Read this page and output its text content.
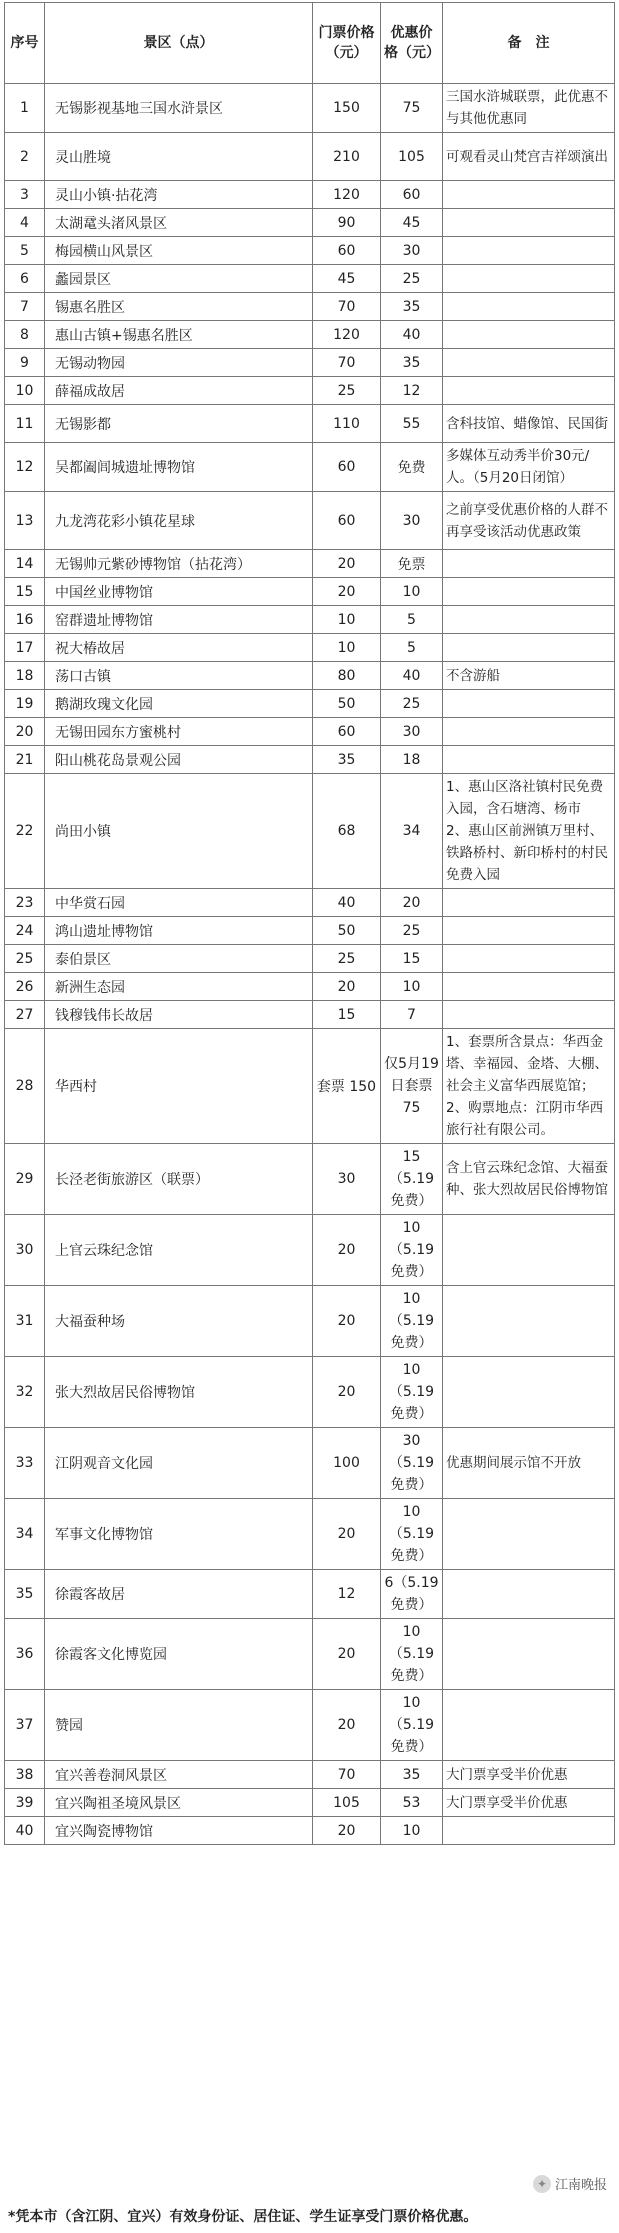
序号	景区（点）	门票价格（元）	优惠价格（元）	备　注
1	无锡影视基地三国水浒景区	150	75	三国水浒城联票，此优惠不与其他优惠同
2	灵山胜境	210	105	可观看灵山梵宫吉祥颂演出
3	灵山小镇·拈花湾	120	60	
4	太湖鼋头渚风景区	90	45	
5	梅园横山风景区	60	30	
6	蠡园景区	45	25	
7	锡惠名胜区	70	35	
8	惠山古镇+锡惠名胜区	120	40	
9	无锡动物园	70	35	
10	薛福成故居	25	12	
11	无锡影都	110	55	含科技馆、蜡像馆、民国街
12	吴都阖闾城遗址博物馆	60	免费	多媒体互动秀半价30元/人。（5月20日闭馆）
13	九龙湾花彩小镇花星球	60	30	之前享受优惠价格的人群不再享受该活动优惠政策
14	无锡帅元紫砂博物馆（拈花湾）	20	免票	
15	中国丝业博物馆	20	10	
16	窑群遗址博物馆	10	5	
17	祝大椿故居	10	5	
18	荡口古镇	80	40	不含游船
19	鹅湖玫瑰文化园	50	25	
20	无锡田园东方蜜桃村	60	30	
21	阳山桃花岛景观公园	35	18	
22	尚田小镇	68	34	1、惠山区洛社镇村民免费入园，含石塘湾、杨市
2、惠山区前洲镇万里村、铁路桥村、新印桥村的村民免费入园
23	中华赏石园	40	20	
24	鸿山遗址博物馆	50	25	
25	泰伯景区	25	15	
26	新洲生态园	20	10	
27	钱穆钱伟长故居	15	7	
28	华西村	套票 150	仅5月19日套票 75	1、套票所含景点：华西金塔、幸福园、金塔、大棚、社会主义富华西展览馆；
2、购票地点：江阴市华西旅行社有限公司。
29	长泾老街旅游区（联票）	30	15（5.19免费）	含上官云珠纪念馆、大福蚕种、张大烈故居民俗博物馆
30	上官云珠纪念馆	20	10（5.19免费）	
31	大福蚕种场	20	10（5.19免费）	
32	张大烈故居民俗博物馆	20	10（5.19免费）	
33	江阴观音文化园	100	30（5.19免费）	优惠期间展示馆不开放
34	军事文化博物馆	20	10（5.19免费）	
35	徐霞客故居	12	6（5.19免费）	
36	徐霞客文化博览园	20	10（5.19免费）	
37	赞园	20	10（5.19免费）	
38	宜兴善卷洞风景区	70	35	大门票享受半价优惠
39	宜兴陶祖圣境风景区	105	53	大门票享受半价优惠
40	宜兴陶瓷博物馆	20	10	
*凭本市（含江阴、宜兴）有效身份证、居住证、学生证享受门票价格优惠。
✦ 江南晚报
